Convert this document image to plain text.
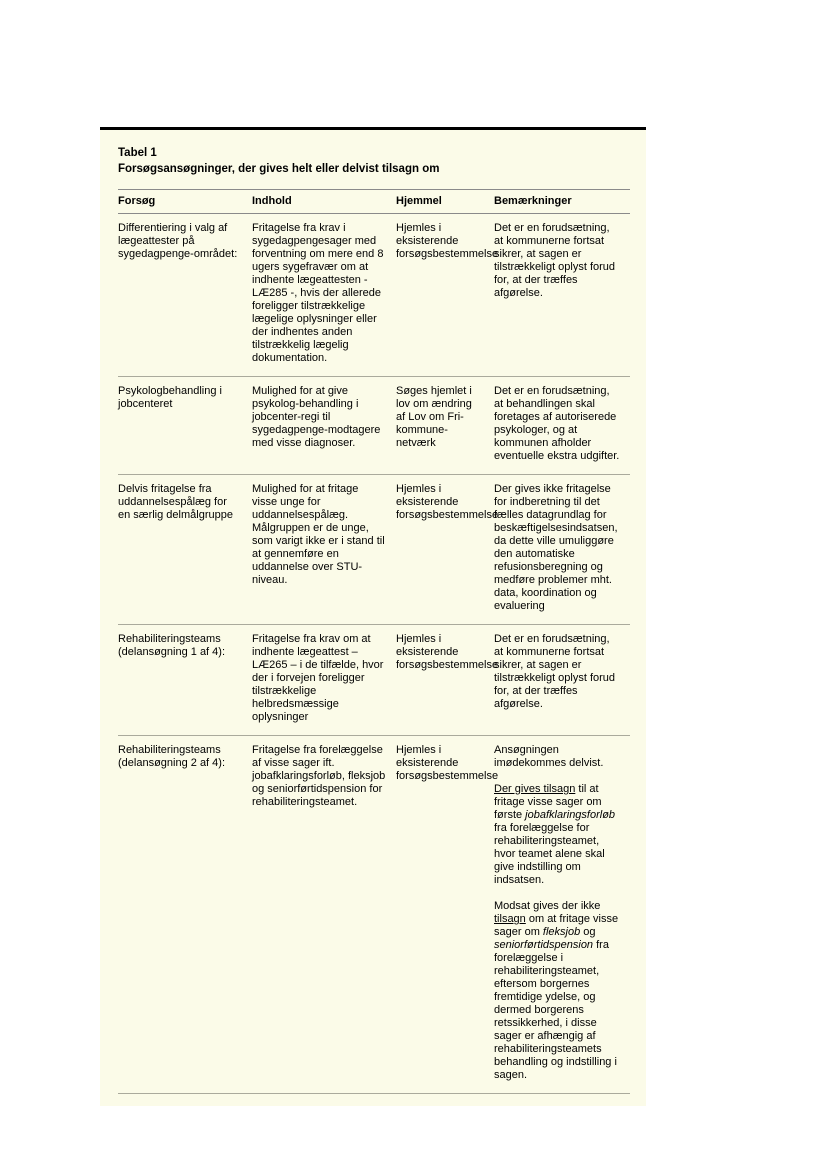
Tabel 1
Forsøgsansøgninger, der gives helt eller delvist tilsagn om
Forsøg	Indhold	Hjemmel	Bemærkninger
Differentiering i valg af lægeattester på sygedagpenge-området:	Fritagelse fra krav i sygedagpengesager med forventning om mere end 8 ugers sygefravær om at indhente lægeattesten - LÆ285 -, hvis der allerede foreligger tilstrækkelige lægelige oplysninger eller der indhentes anden tilstrækkelig lægelig dokumentation.	Hjemles i eksisterende forsøgsbestemmelse	Det er en forudsætning, at kommunerne fortsat sikrer, at sagen er tilstrækkeligt oplyst forud for, at der træffes afgørelse.
Psykologbehandling i jobcenteret	Mulighed for at give psykolog-behandling i jobcenter-regi til sygedagpenge-modtagere med visse diagnoser.	Søges hjemlet i lov om ændring af Lov om Fri-kommune-netværk	Det er en forudsætning, at behandlingen skal foretages af autoriserede psykologer, og at kommunen afholder eventuelle ekstra udgifter.
Delvis fritagelse fra uddannelsespålæg for en særlig delmålgruppe	Mulighed for at fritage visse unge for uddannelsespålæg. Målgruppen er de unge, som varigt ikke er i stand til at gennemføre en uddannelse over STU-niveau.	Hjemles i eksisterende forsøgsbestemmelse	Der gives ikke fritagelse for indberetning til det fælles datagrundlag for beskæftigelsesindsatsen, da dette ville umuliggøre den automatiske refusionsberegning og medføre problemer mht. data, koordination og evaluering
Rehabiliteringsteams (delansøgning 1 af 4):	Fritagelse fra krav om at indhente lægeattest – LÆ265 – i de tilfælde, hvor der i forvejen foreligger tilstrækkelige helbredsmæssige oplysninger	Hjemles i eksisterende forsøgsbestemmelse	Det er en forudsætning, at kommunerne fortsat sikrer, at sagen er tilstrækkeligt oplyst forud for, at der træffes afgørelse.
Rehabiliteringsteams (delansøgning 2 af 4):	Fritagelse fra forelæggelse af visse sager ift. jobafklaringsforløb, fleksjob og seniorførtidspension for rehabiliteringsteamet.	Hjemles i eksisterende forsøgsbestemmelse	Ansøgningen imødekommes delvist.

Der gives tilsagn til at fritage visse sager om første jobafklaringsforløb fra forelæggelse for rehabiliteringsteamet, hvor teamet alene skal give indstilling om indsatsen.

Modsat gives der ikke tilsagn om at fritage visse sager om fleksjob og seniorførtidspension fra forelæggelse i rehabiliteringsteamet, eftersom borgernes fremtidige ydelse, og dermed borgerens retssikkerhed, i disse sager er afhængig af rehabiliteringsteamets behandling og indstilling i sagen.
